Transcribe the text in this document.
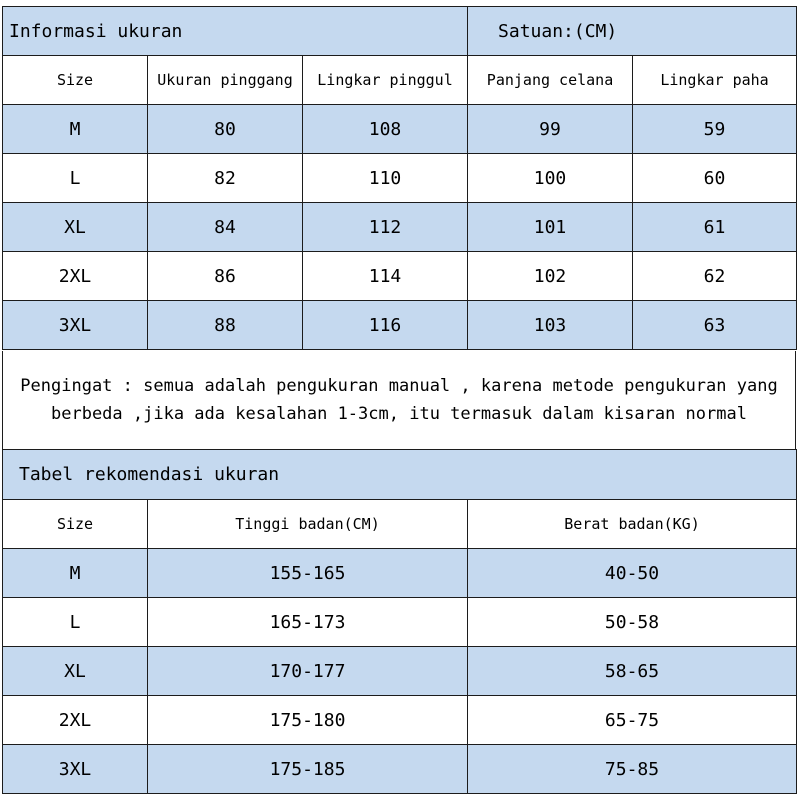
Informasi ukuran			Satuan:(CM)	
Size	Ukuran pinggang	Lingkar pinggul	Panjang celana	Lingkar paha
M	80	108	99	59
L	82	110	100	60
XL	84	112	101	61
2XL	86	114	102	62
3XL	88	116	103	63
Pengingat : semua adalah pengukuran manual , karena metode pengukuran yang berbeda ,jika ada kesalahan 1-3cm, itu termasuk dalam kisaran normal
Tabel rekomendasi ukuran		
Size	Tinggi badan(CM)	Berat badan(KG)
M	155-165	40-50
L	165-173	50-58
XL	170-177	58-65
2XL	175-180	65-75
3XL	175-185	75-85
